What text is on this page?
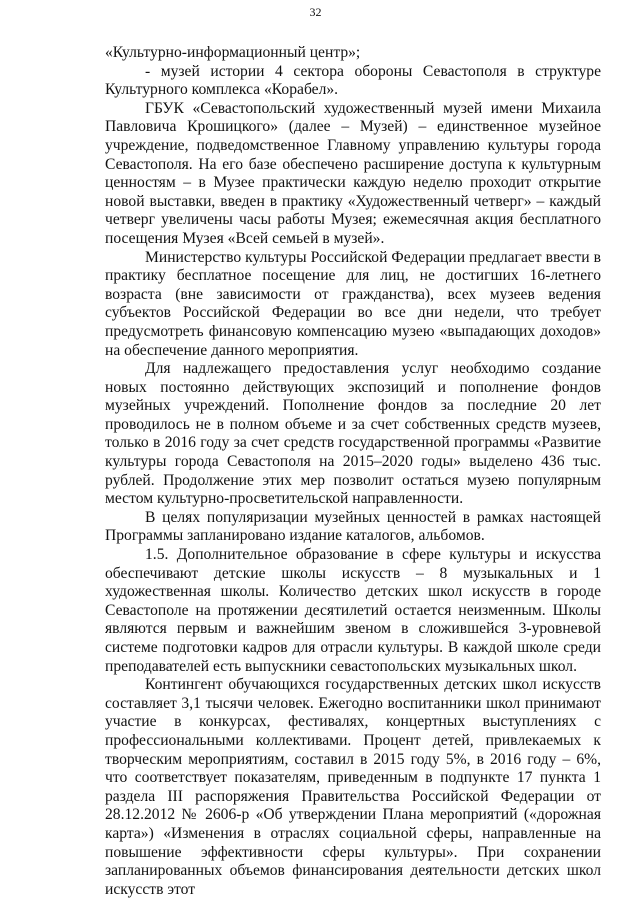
32

«Культурно-информационный центр»;

- музей истории 4 сектора обороны Севастополя в структуре Культурного комплекса «Корабел».

ГБУК «Севастопольский художественный музей имени Михаила Павловича Крошицкого» (далее – Музей) – единственное музейное учреждение, подведомственное Главному управлению культуры города Севастополя. На его базе обеспечено расширение доступа к культурным ценностям – в Музее практически каждую неделю проходит открытие новой выставки, введен в практику «Художественный четверг» – каждый четверг увеличены часы работы Музея; ежемесячная акция бесплатного посещения Музея «Всей семьей в музей».

Министерство культуры Российской Федерации предлагает ввести в практику бесплатное посещение для лиц, не достигших 16-летнего возраста (вне зависимости от гражданства), всех музеев ведения субъектов Российской Федерации во все дни недели, что требует предусмотреть финансовую компенсацию музею «выпадающих доходов» на обеспечение данного мероприятия.

Для надлежащего предоставления услуг необходимо создание новых постоянно действующих экспозиций и пополнение фондов музейных учреждений. Пополнение фондов за последние 20 лет проводилось не в полном объеме и за счет собственных средств музеев, только в 2016 году за счет средств государственной программы «Развитие культуры города Севастополя на 2015–2020 годы» выделено 436 тыс. рублей. Продолжение этих мер позволит остаться музею популярным местом культурно-просветительской направленности.

В целях популяризации музейных ценностей в рамках настоящей Программы запланировано издание каталогов, альбомов.

1.5. Дополнительное образование в сфере культуры и искусства обеспечивают детские школы искусств – 8 музыкальных и 1 художественная школы. Количество детских школ искусств в городе Севастополе на протяжении десятилетий остается неизменным. Школы являются первым и важнейшим звеном в сложившейся 3-уровневой системе подготовки кадров для отрасли культуры. В каждой школе среди преподавателей есть выпускники севастопольских музыкальных школ.

Контингент обучающихся государственных детских школ искусств составляет 3,1 тысячи человек. Ежегодно воспитанники школ принимают участие в конкурсах, фестивалях, концертных выступлениях с профессиональными коллективами. Процент детей, привлекаемых к творческим мероприятиям, составил в 2015 году 5%, в 2016 году – 6%, что соответствует показателям, приведенным в подпункте 17 пункта 1 раздела III распоряжения Правительства Российской Федерации от 28.12.2012 № 2606-р «Об утверждении Плана мероприятий («дорожная карта») «Изменения в отраслях социальной сферы, направленные на повышение эффективности сферы культуры». При сохранении запланированных объемов финансирования деятельности детских школ искусств этот
